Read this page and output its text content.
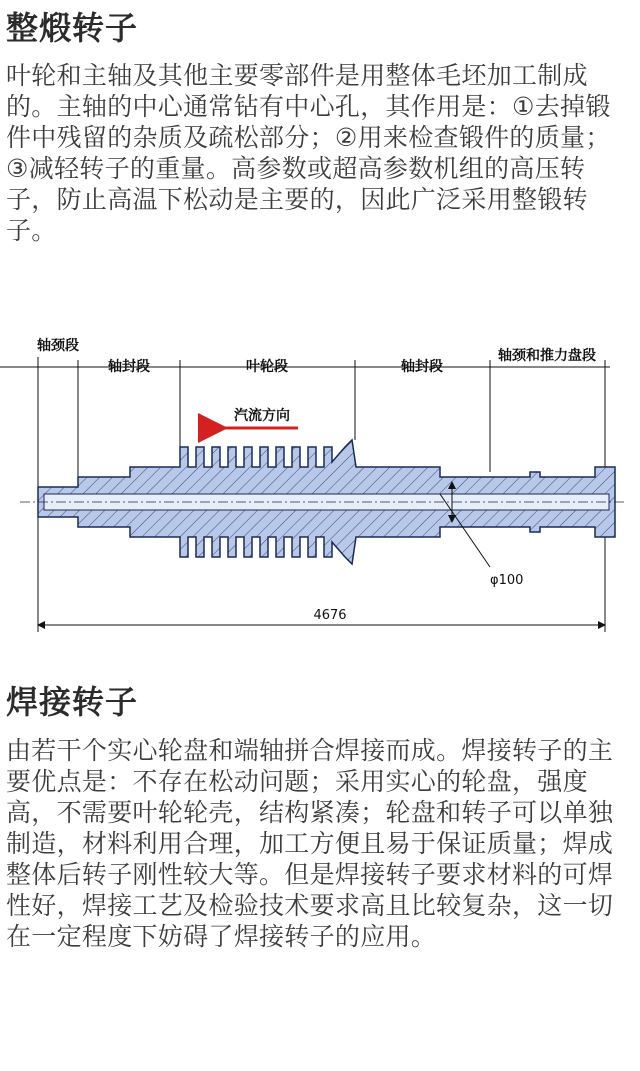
整煅转子
叶轮和主轴及其他主要零部件是用整体毛坯加工制成
的。主轴的中心通常钻有中心孔，其作用是：①去掉锻
件中残留的杂质及疏松部分；②用来检查锻件的质量；
③减轻转子的重量。高参数或超高参数机组的高压转
子，防止高温下松动是主要的，因此广泛采用整锻转
子。
轴颈段
轴封段	叶轮段	轴封段
轴颈和推力盘段
汽流方向
φ100
4676
焊接转子
由若干个实心轮盘和端轴拼合焊接而成。焊接转子的主
要优点是：不存在松动问题；采用实心的轮盘，强度
高，不需要叶轮轮壳，结构紧凑；轮盘和转子可以单独
制造，材料利用合理，加工方便且易于保证质量；焊成
整体后转子刚性较大等。但是焊接转子要求材料的可焊
性好，焊接工艺及检验技术要求高且比较复杂，这一切
在一定程度下妨碍了焊接转子的应用。
